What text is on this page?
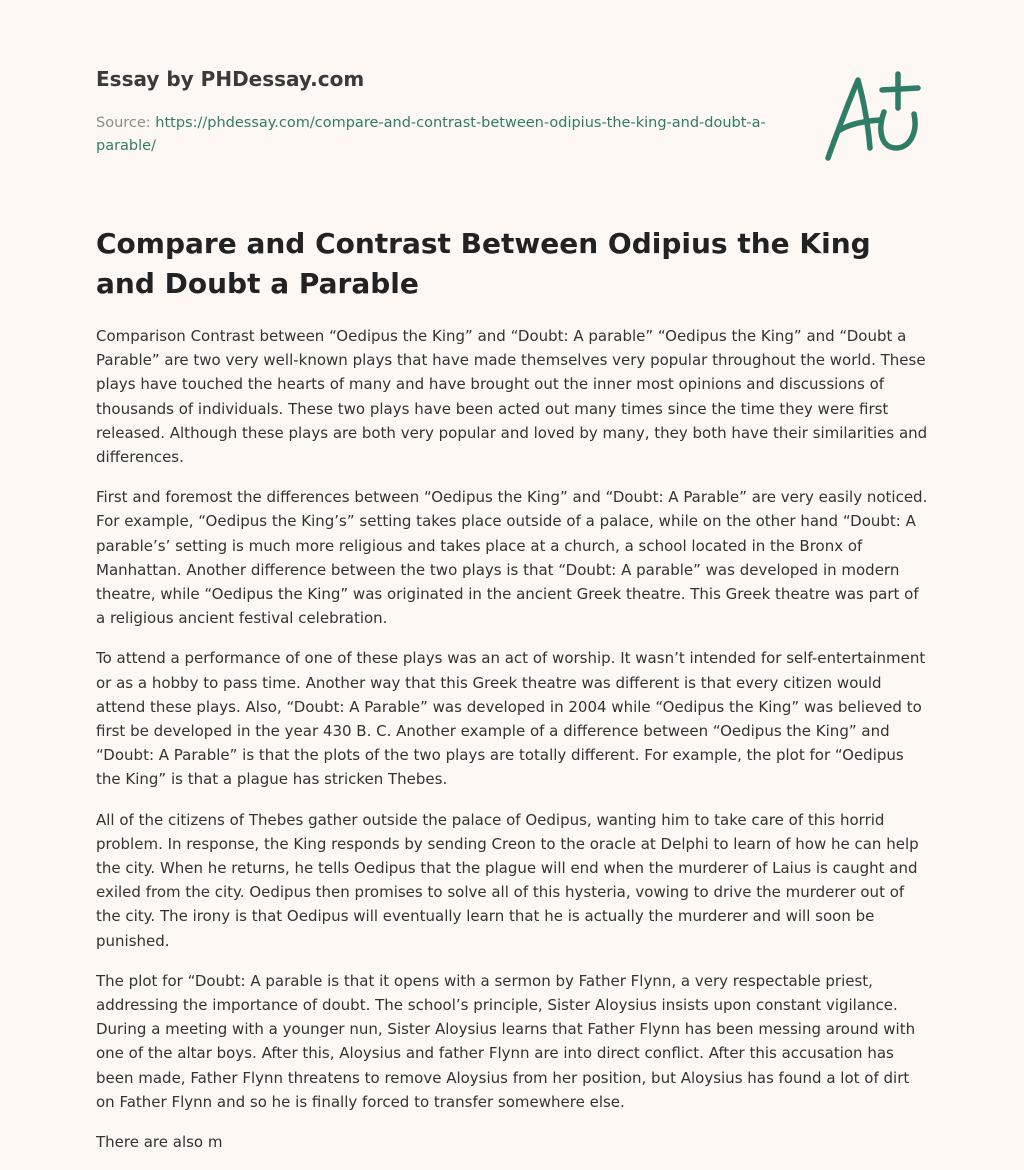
Essay by PHDessay.com
Source: https://phdessay.com/compare-and-contrast-between-odipius-the-king-and-doubt-a-parable/
Compare and Contrast Between Odipius the King and Doubt a Parable

Comparison Contrast between “Oedipus the King” and “Doubt: A parable” “Oedipus the King” and “Doubt a Parable” are two very well-known plays that have made themselves very popular throughout the world. These plays have touched the hearts of many and have brought out the inner most opinions and discussions of thousands of individuals. These two plays have been acted out many times since the time they were first released. Although these plays are both very popular and loved by many, they both have their similarities and differences.

First and foremost the differences between “Oedipus the King” and “Doubt: A Parable” are very easily noticed. For example, “Oedipus the King’s” setting takes place outside of a palace, while on the other hand “Doubt: A parable’s’ setting is much more religious and takes place at a church, a school located in the Bronx of Manhattan. Another difference between the two plays is that “Doubt: A parable” was developed in modern theatre, while “Oedipus the King” was originated in the ancient Greek theatre. This Greek theatre was part of a religious ancient festival celebration.

To attend a performance of one of these plays was an act of worship. It wasn’t intended for self-entertainment or as a hobby to pass time. Another way that this Greek theatre was different is that every citizen would attend these plays. Also, “Doubt: A Parable” was developed in 2004 while “Oedipus the King” was believed to first be developed in the year 430 B. C. Another example of a difference between “Oedipus the King” and “Doubt: A Parable” is that the plots of the two plays are totally different. For example, the plot for “Oedipus the King” is that a plague has stricken Thebes.

All of the citizens of Thebes gather outside the palace of Oedipus, wanting him to take care of this horrid problem. In response, the King responds by sending Creon to the oracle at Delphi to learn of how he can help the city. When he returns, he tells Oedipus that the plague will end when the murderer of Laius is caught and exiled from the city. Oedipus then promises to solve all of this hysteria, vowing to drive the murderer out of the city. The irony is that Oedipus will eventually learn that he is actually the murderer and will soon be punished.

The plot for “Doubt: A parable is that it opens with a sermon by Father Flynn, a very respectable priest, addressing the importance of doubt. The school’s principle, Sister Aloysius insists upon constant vigilance. During a meeting with a younger nun, Sister Aloysius learns that Father Flynn has been messing around with one of the altar boys. After this, Aloysius and father Flynn are into direct conflict. After this accusation has been made, Father Flynn threatens to remove Aloysius from her position, but Aloysius has found a lot of dirt on Father Flynn and so he is finally forced to transfer somewhere else.

There are also m
